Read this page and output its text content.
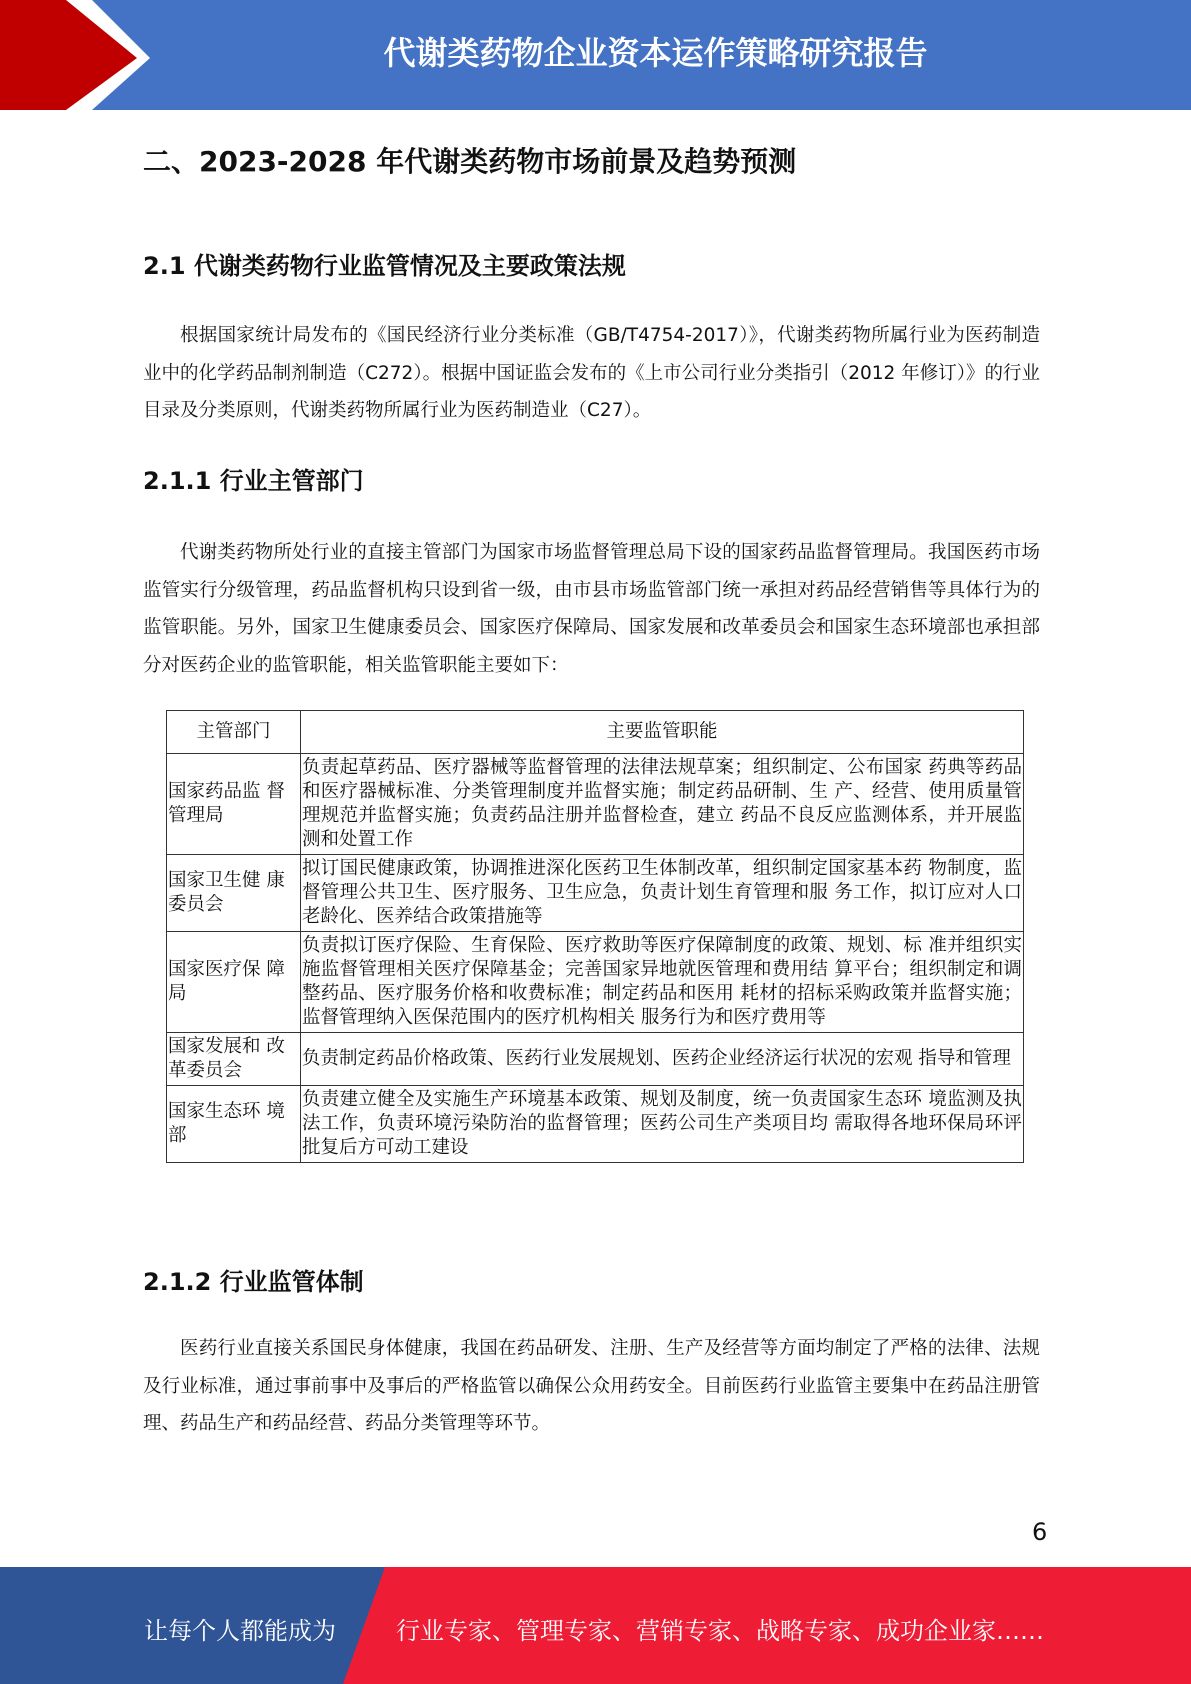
代谢类药物企业资本运作策略研究报告
二、2023-2028 年代谢类药物市场前景及趋势预测
2.1 代谢类药物行业监管情况及主要政策法规

根据国家统计局发布的《国民经济行业分类标准（GB/T4754-2017）》，代谢类药物所属行业为医药制造业中的化学药品制剂制造（C272）。根据中国证监会发布的《上市公司行业分类指引（2012 年修订）》的行业目录及分类原则，代谢类药物所属行业为医药制造业（C27）。

2.1.1 行业主管部门

代谢类药物所处行业的直接主管部门为国家市场监督管理总局下设的国家药品监督管理局。我国医药市场监管实行分级管理，药品监督机构只设到省一级，由市县市场监管部门统一承担对药品经营销售等具体行为的监管职能。另外，国家卫生健康委员会、国家医疗保障局、国家发展和改革委员会和国家生态环境部也承担部分对医药企业的监管职能，相关监管职能主要如下：

主管部门	主要监管职能
国家药品监 督管理局	负责起草药品、医疗器械等监督管理的法律法规草案；组织制定、公布国家 药典等药品和医疗器械标准、分类管理制度并监督实施；制定药品研制、生 产、经营、使用质量管理规范并监督实施；负责药品注册并监督检查，建立 药品不良反应监测体系，并开展监测和处置工作
国家卫生健 康委员会	拟订国民健康政策，协调推进深化医药卫生体制改革，组织制定国家基本药 物制度，监督管理公共卫生、医疗服务、卫生应急，负责计划生育管理和服 务工作，拟订应对人口老龄化、医养结合政策措施等
国家医疗保 障局	负责拟订医疗保险、生育保险、医疗救助等医疗保障制度的政策、规划、标 准并组织实施监督管理相关医疗保障基金；完善国家异地就医管理和费用结 算平台；组织制定和调整药品、医疗服务价格和收费标准；制定药品和医用 耗材的招标采购政策并监督实施；监督管理纳入医保范围内的医疗机构相关 服务行为和医疗费用等
国家发展和 改革委员会	负责制定药品价格政策、医药行业发展规划、医药企业经济运行状况的宏观 指导和管理
国家生态环 境部	负责建立健全及实施生产环境基本政策、规划及制度，统一负责国家生态环 境监测及执法工作，负责环境污染防治的监督管理；医药公司生产类项目均 需取得各地环保局环评批复后方可动工建设
2.1.2 行业监管体制

医药行业直接关系国民身体健康，我国在药品研发、注册、生产及经营等方面均制定了严格的法律、法规及行业标准，通过事前事中及事后的严格监管以确保公众用药安全。目前医药行业监管主要集中在药品注册管理、药品生产和药品经营、药品分类管理等环节。

6
让每个人都能成为	行业专家、管理专家、营销专家、战略专家、成功企业家……
